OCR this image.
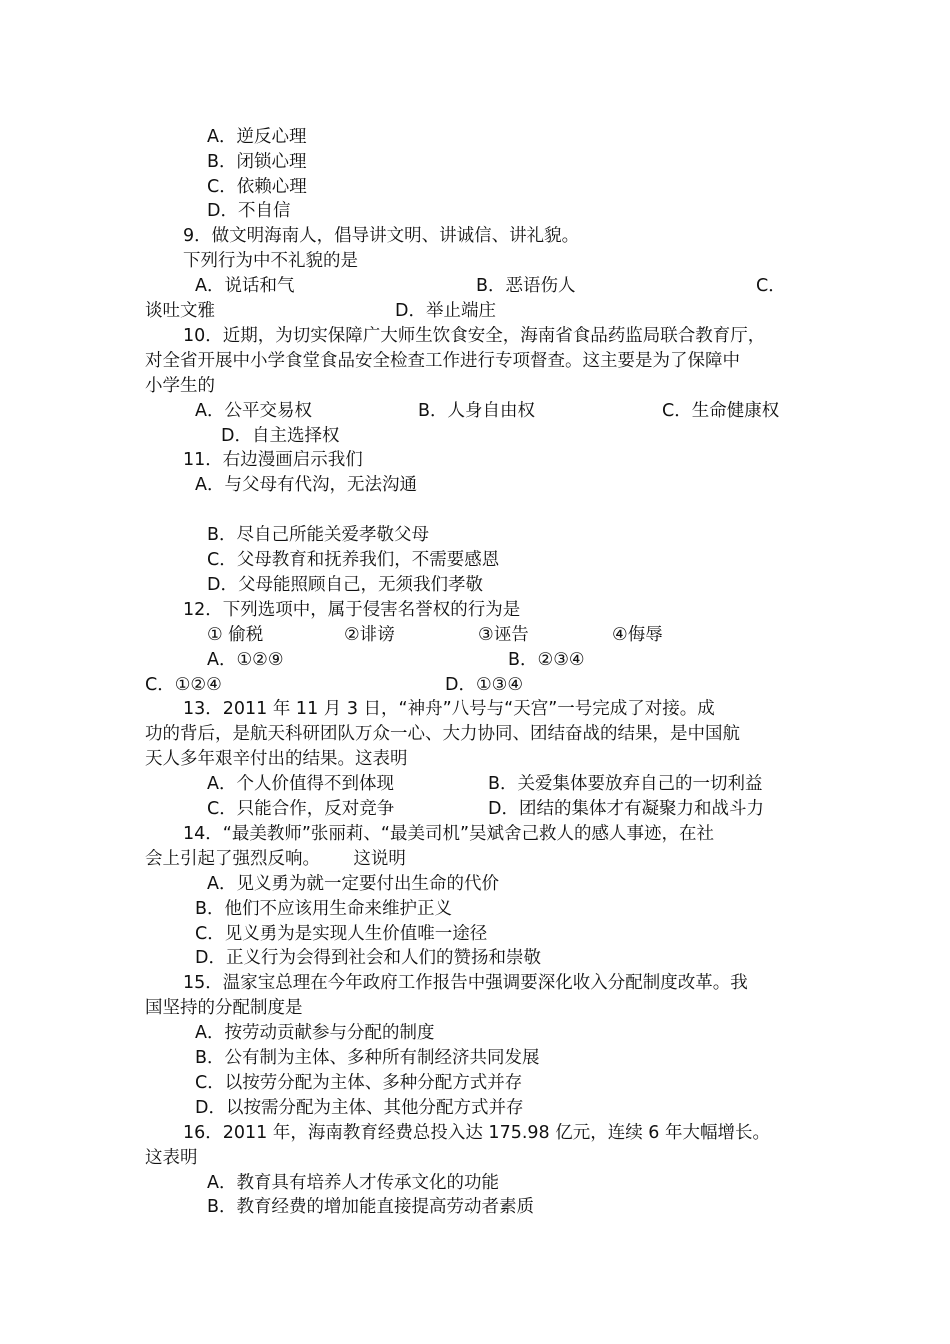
A．逆反心理
B．闭锁心理
C．依赖心理
D．不自信
9．做文明海南人，倡导讲文明、讲诚信、讲礼貌。
下列行为中不礼貌的是
A．说话和气	B．恶语伤人	C．
谈吐文雅	D．举止端庄
10．近期，为切实保障广大师生饮食安全，海南省食品药监局联合教育厅，
对全省开展中小学食堂食品安全检查工作进行专项督查。这主要是为了保障中
小学生的
A．公平交易权	B．人身自由权	C．生命健康权
D．自主选择权
11．右边漫画启示我们
A．与父母有代沟，无法沟通
B．尽自己所能关爱孝敬父母
C．父母教育和抚养我们，不需要感恩
D．父母能照顾自己，无须我们孝敬
12．下列选项中，属于侵害名誉权的行为是
① 偷税	②诽谤	③诬告	④侮辱
A．①②⑨	B．②③④
C．①②④	D．①③④
13．2011 年 11 月 3 日，“神舟”八号与“天宫”一号完成了对接。成
功的背后，是航天科研团队万众一心、大力协同、团结奋战的结果，是中国航
天人多年艰辛付出的结果。这表明
A．个人价值得不到体现	B．关爱集体要放弃自己的一切利益
C．只能合作，反对竞争	D．团结的集体才有凝聚力和战斗力
14．“最美教师”张丽莉、“最美司机”吴斌舍己救人的感人事迹，在社
会上引起了强烈反响。      这说明
A．见义勇为就一定要付出生命的代价
B．他们不应该用生命来维护正义
C．见义勇为是实现人生价值唯一途径
D．正义行为会得到社会和人们的赞扬和崇敬
15．温家宝总理在今年政府工作报告中强调要深化收入分配制度改革。我
国坚持的分配制度是
A．按劳动贡献参与分配的制度
B．公有制为主体、多种所有制经济共同发展
C．以按劳分配为主体、多种分配方式并存
D．以按需分配为主体、其他分配方式并存
16．2011 年，海南教育经费总投入达 175.98 亿元，连续 6 年大幅增长。
这表明
A．教育具有培养人才传承文化的功能
B．教育经费的增加能直接提高劳动者素质
